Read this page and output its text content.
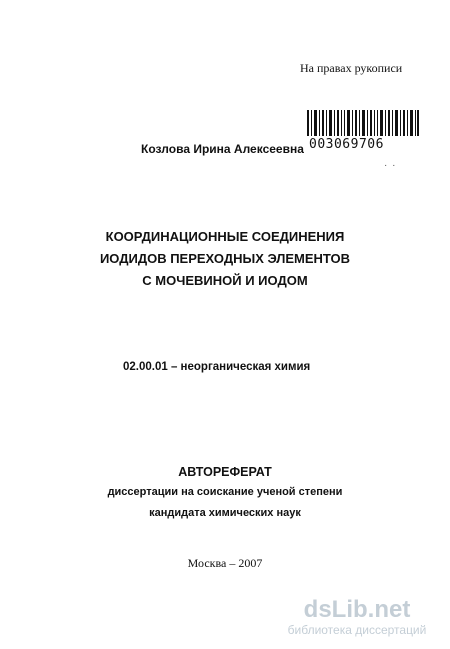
На правах рукописи
003069706
· ·
Козлова Ирина Алексеевна
КООРДИНАЦИОННЫЕ СОЕДИНЕНИЯ
ИОДИДОВ ПЕРЕХОДНЫХ ЭЛЕМЕНТОВ
С МОЧЕВИНОЙ И ИОДОМ
02.00.01 – неорганическая химия
АВТОРЕФЕРАТ
диссертации на соискание ученой степени
кандидата химических наук
Москва – 2007
dsLib.net
библиотека диссертаций
